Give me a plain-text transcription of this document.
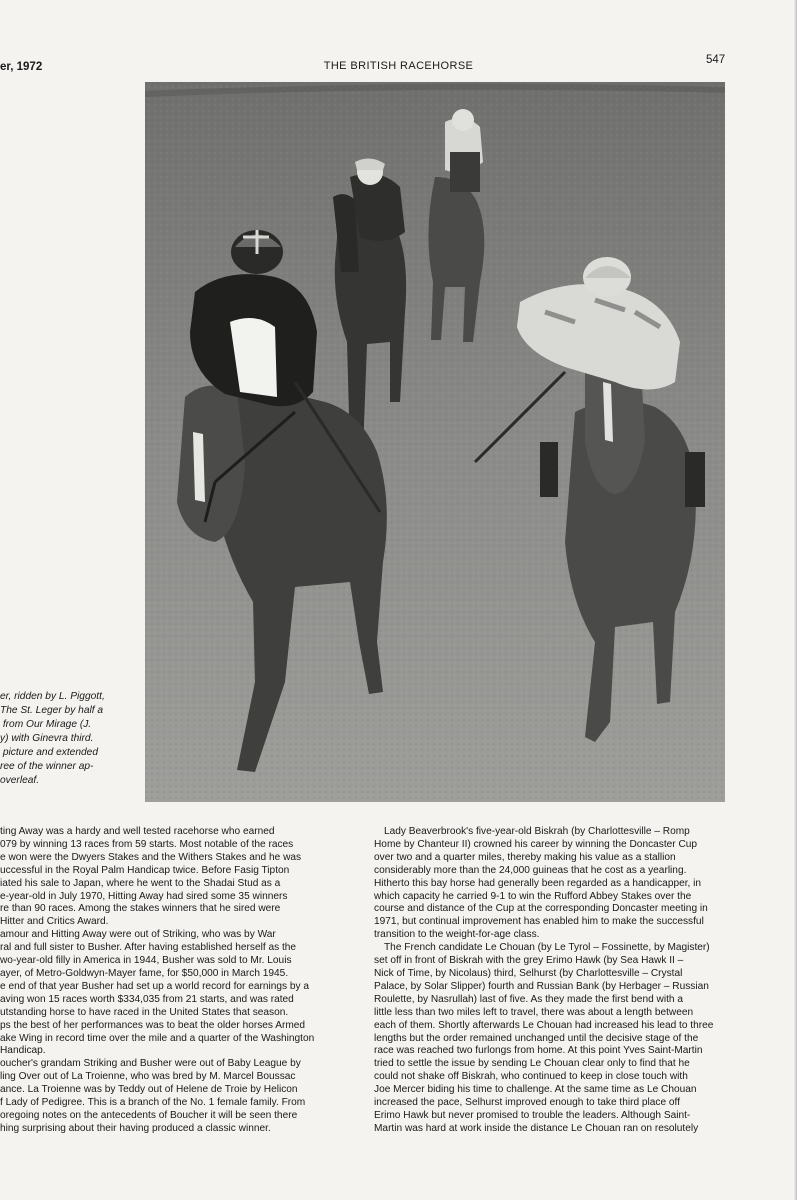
er, 1972	THE BRITISH RACEHORSE	547
er, ridden by L. Piggott,
The St. Leger by half a
from Our Mirage (J.
y) with Ginevra third.
picture and extended
ree of the winner ap-
overleaf.

ting Away was a hardy and well tested racehorse who earned
079 by winning 13 races from 59 starts. Most notable of the races
e won were the Dwyers Stakes and the Withers Stakes and he was
uccessful in the Royal Palm Handicap twice. Before Fasig Tipton
iated his sale to Japan, where he went to the Shadai Stud as a
e-year-old in July 1970, Hitting Away had sired some 35 winners
re than 90 races. Among the stakes winners that he sired were
Hitter and Critics Award.

amour and Hitting Away were out of Striking, who was by War
ral and full sister to Busher. After having established herself as the
wo-year-old filly in America in 1944, Busher was sold to Mr. Louis
ayer, of Metro-Goldwyn-Mayer fame, for $50,000 in March 1945.
e end of that year Busher had set up a world record for earnings by a
aving won 15 races worth $334,035 from 21 starts, and was rated
utstanding horse to have raced in the United States that season.
ps the best of her performances was to beat the older horses Armed
ake Wing in record time over the mile and a quarter of the Washington
Handicap.

oucher's grandam Striking and Busher were out of Baby League by
ling Over out of La Troienne, who was bred by M. Marcel Boussac
ance. La Troienne was by Teddy out of Helene de Troie by Helicon
f Lady of Pedigree. This is a branch of the No. 1 female family. From
oregoing notes on the antecedents of Boucher it will be seen there
hing surprising about their having produced a classic winner.

Lady Beaverbrook's five-year-old Biskrah (by Charlottesville – Romp
Home by Chanteur II) crowned his career by winning the Doncaster Cup
over two and a quarter miles, thereby making his value as a stallion
considerably more than the 24,000 guineas that he cost as a yearling.
Hitherto this bay horse had generally been regarded as a handicapper, in
which capacity he carried 9-1 to win the Rufford Abbey Stakes over the
course and distance of the Cup at the corresponding Doncaster meeting in
1971, but continual improvement has enabled him to make the successful
transition to the weight-for-age class.

The French candidate Le Chouan (by Le Tyrol – Fossinette, by Magister)
set off in front of Biskrah with the grey Erimo Hawk (by Sea Hawk II –
Nick of Time, by Nicolaus) third, Selhurst (by Charlottesville – Crystal
Palace, by Solar Slipper) fourth and Russian Bank (by Herbager – Russian
Roulette, by Nasrullah) last of five. As they made the first bend with a
little less than two miles left to travel, there was about a length between
each of them. Shortly afterwards Le Chouan had increased his lead to three
lengths but the order remained unchanged until the decisive stage of the
race was reached two furlongs from home. At this point Yves Saint-Martin
tried to settle the issue by sending Le Chouan clear only to find that he
could not shake off Biskrah, who continued to keep in close touch with
Joe Mercer biding his time to challenge. At the same time as Le Chouan
increased the pace, Selhurst improved enough to take third place off
Erimo Hawk but never promised to trouble the leaders. Although Saint-
Martin was hard at work inside the distance Le Chouan ran on resolutely
